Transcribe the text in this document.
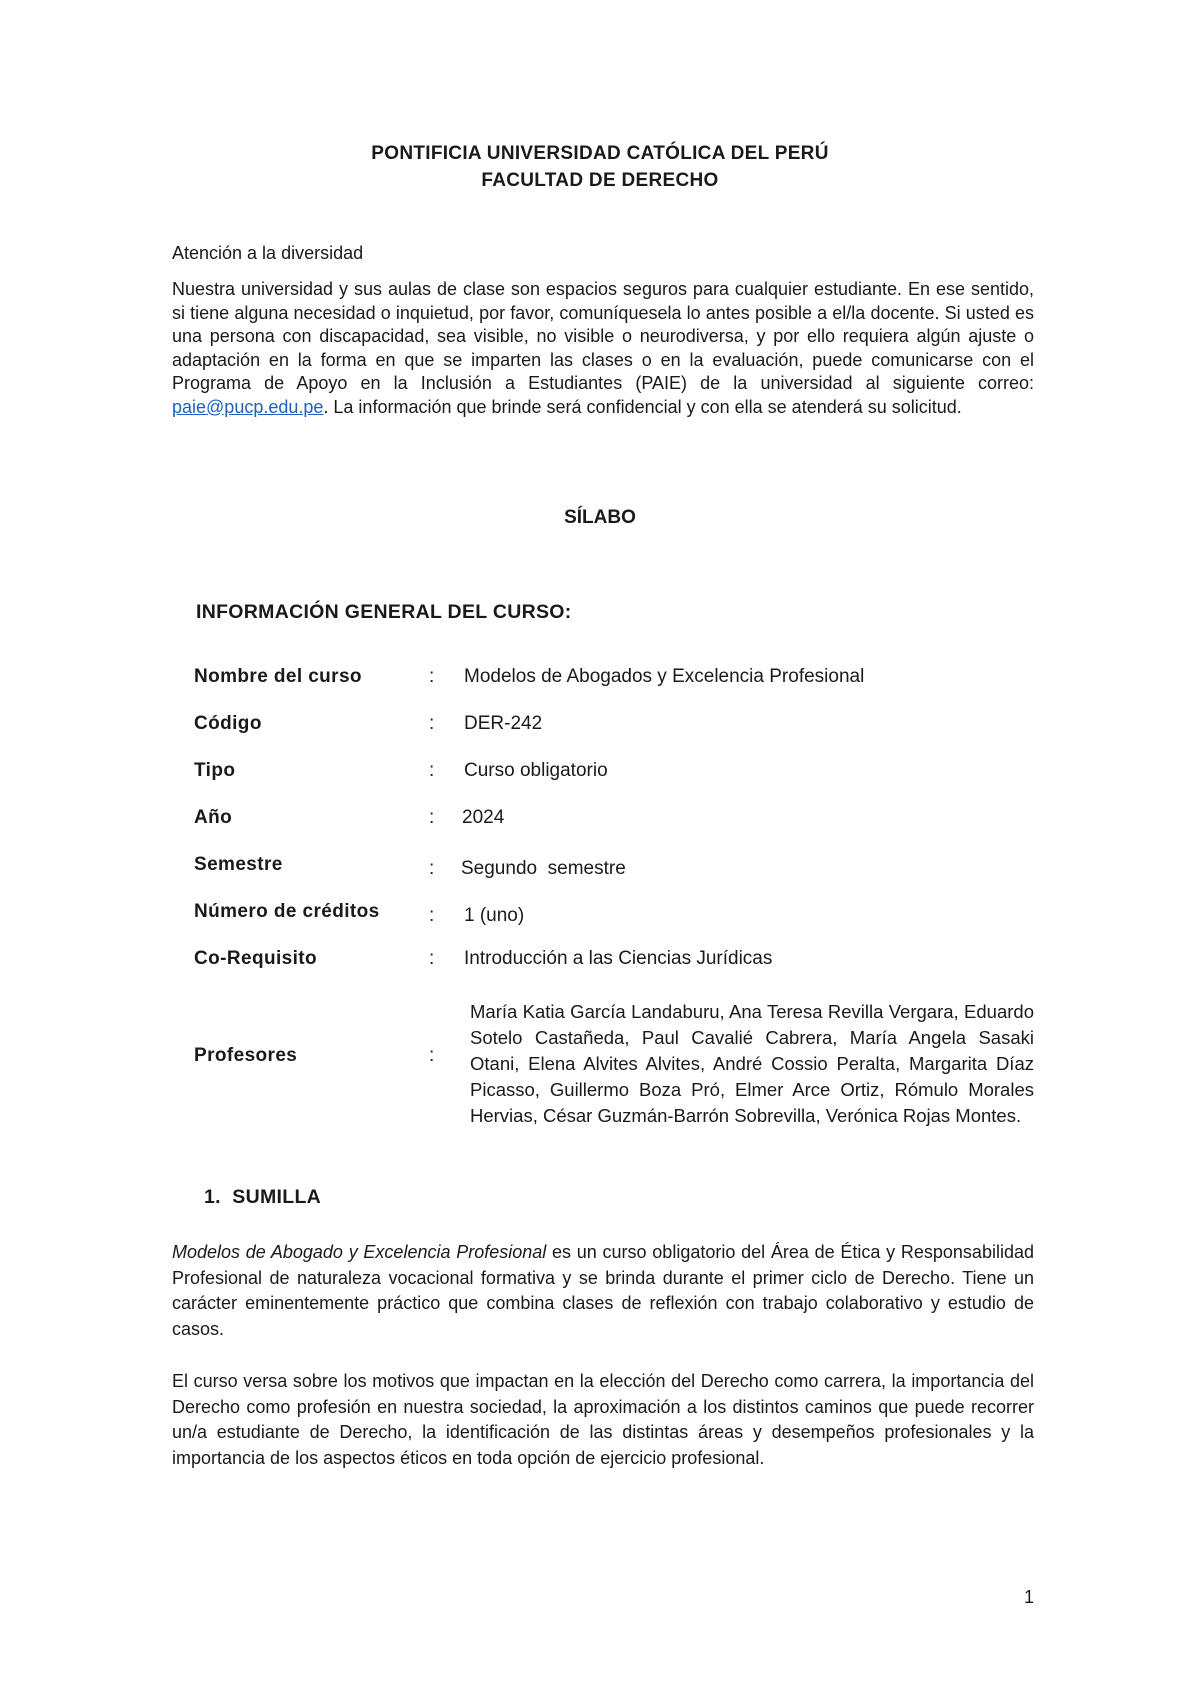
PONTIFICIA UNIVERSIDAD CATÓLICA DEL PERÚ
FACULTAD DE DERECHO
Atención a la diversidad
Nuestra universidad y sus aulas de clase son espacios seguros para cualquier estudiante. En ese sentido, si tiene alguna necesidad o inquietud, por favor, comuníquesela lo antes posible a el/la docente. Si usted es una persona con discapacidad, sea visible, no visible o neurodiversa, y por ello requiera algún ajuste o adaptación en la forma en que se imparten las clases o en la evaluación, puede comunicarse con el Programa de Apoyo en la Inclusión a Estudiantes (PAIE) de la universidad al siguiente correo: paie@pucp.edu.pe. La información que brinde será confidencial y con ella se atenderá su solicitud.
SÍLABO
INFORMACIÓN GENERAL DEL CURSO:
Nombre del curso	: Modelos de Abogados y Excelencia Profesional
Código	: DER-242
Tipo	: Curso obligatorio
Año	: 2024
Semestre	: Segundo  semestre
Número de créditos	: 1 (uno)
Co-Requisito	: Introducción a las Ciencias Jurídicas
Profesores	:
María Katia García Landaburu, Ana Teresa Revilla Vergara, Eduardo Sotelo Castañeda, Paul Cavalié Cabrera, María Angela Sasaki Otani, Elena Alvites Alvites, André Cossio Peralta, Margarita Díaz Picasso, Guillermo Boza Pró, Elmer Arce Ortiz, Rómulo Morales Hervias, César Guzmán-Barrón Sobrevilla, Verónica Rojas Montes.
1.  SUMILLA
Modelos de Abogado y Excelencia Profesional es un curso obligatorio del Área de Ética y Responsabilidad Profesional de naturaleza vocacional formativa y se brinda durante el primer ciclo de Derecho. Tiene un carácter eminentemente práctico que combina clases de reflexión con trabajo colaborativo y estudio de casos.
El curso versa sobre los motivos que impactan en la elección del Derecho como carrera, la importancia del Derecho como profesión en nuestra sociedad, la aproximación a los distintos caminos que puede recorrer un/a estudiante de Derecho, la identificación de las distintas áreas y desempeños profesionales y la importancia de los aspectos éticos en toda opción de ejercicio profesional.
1
